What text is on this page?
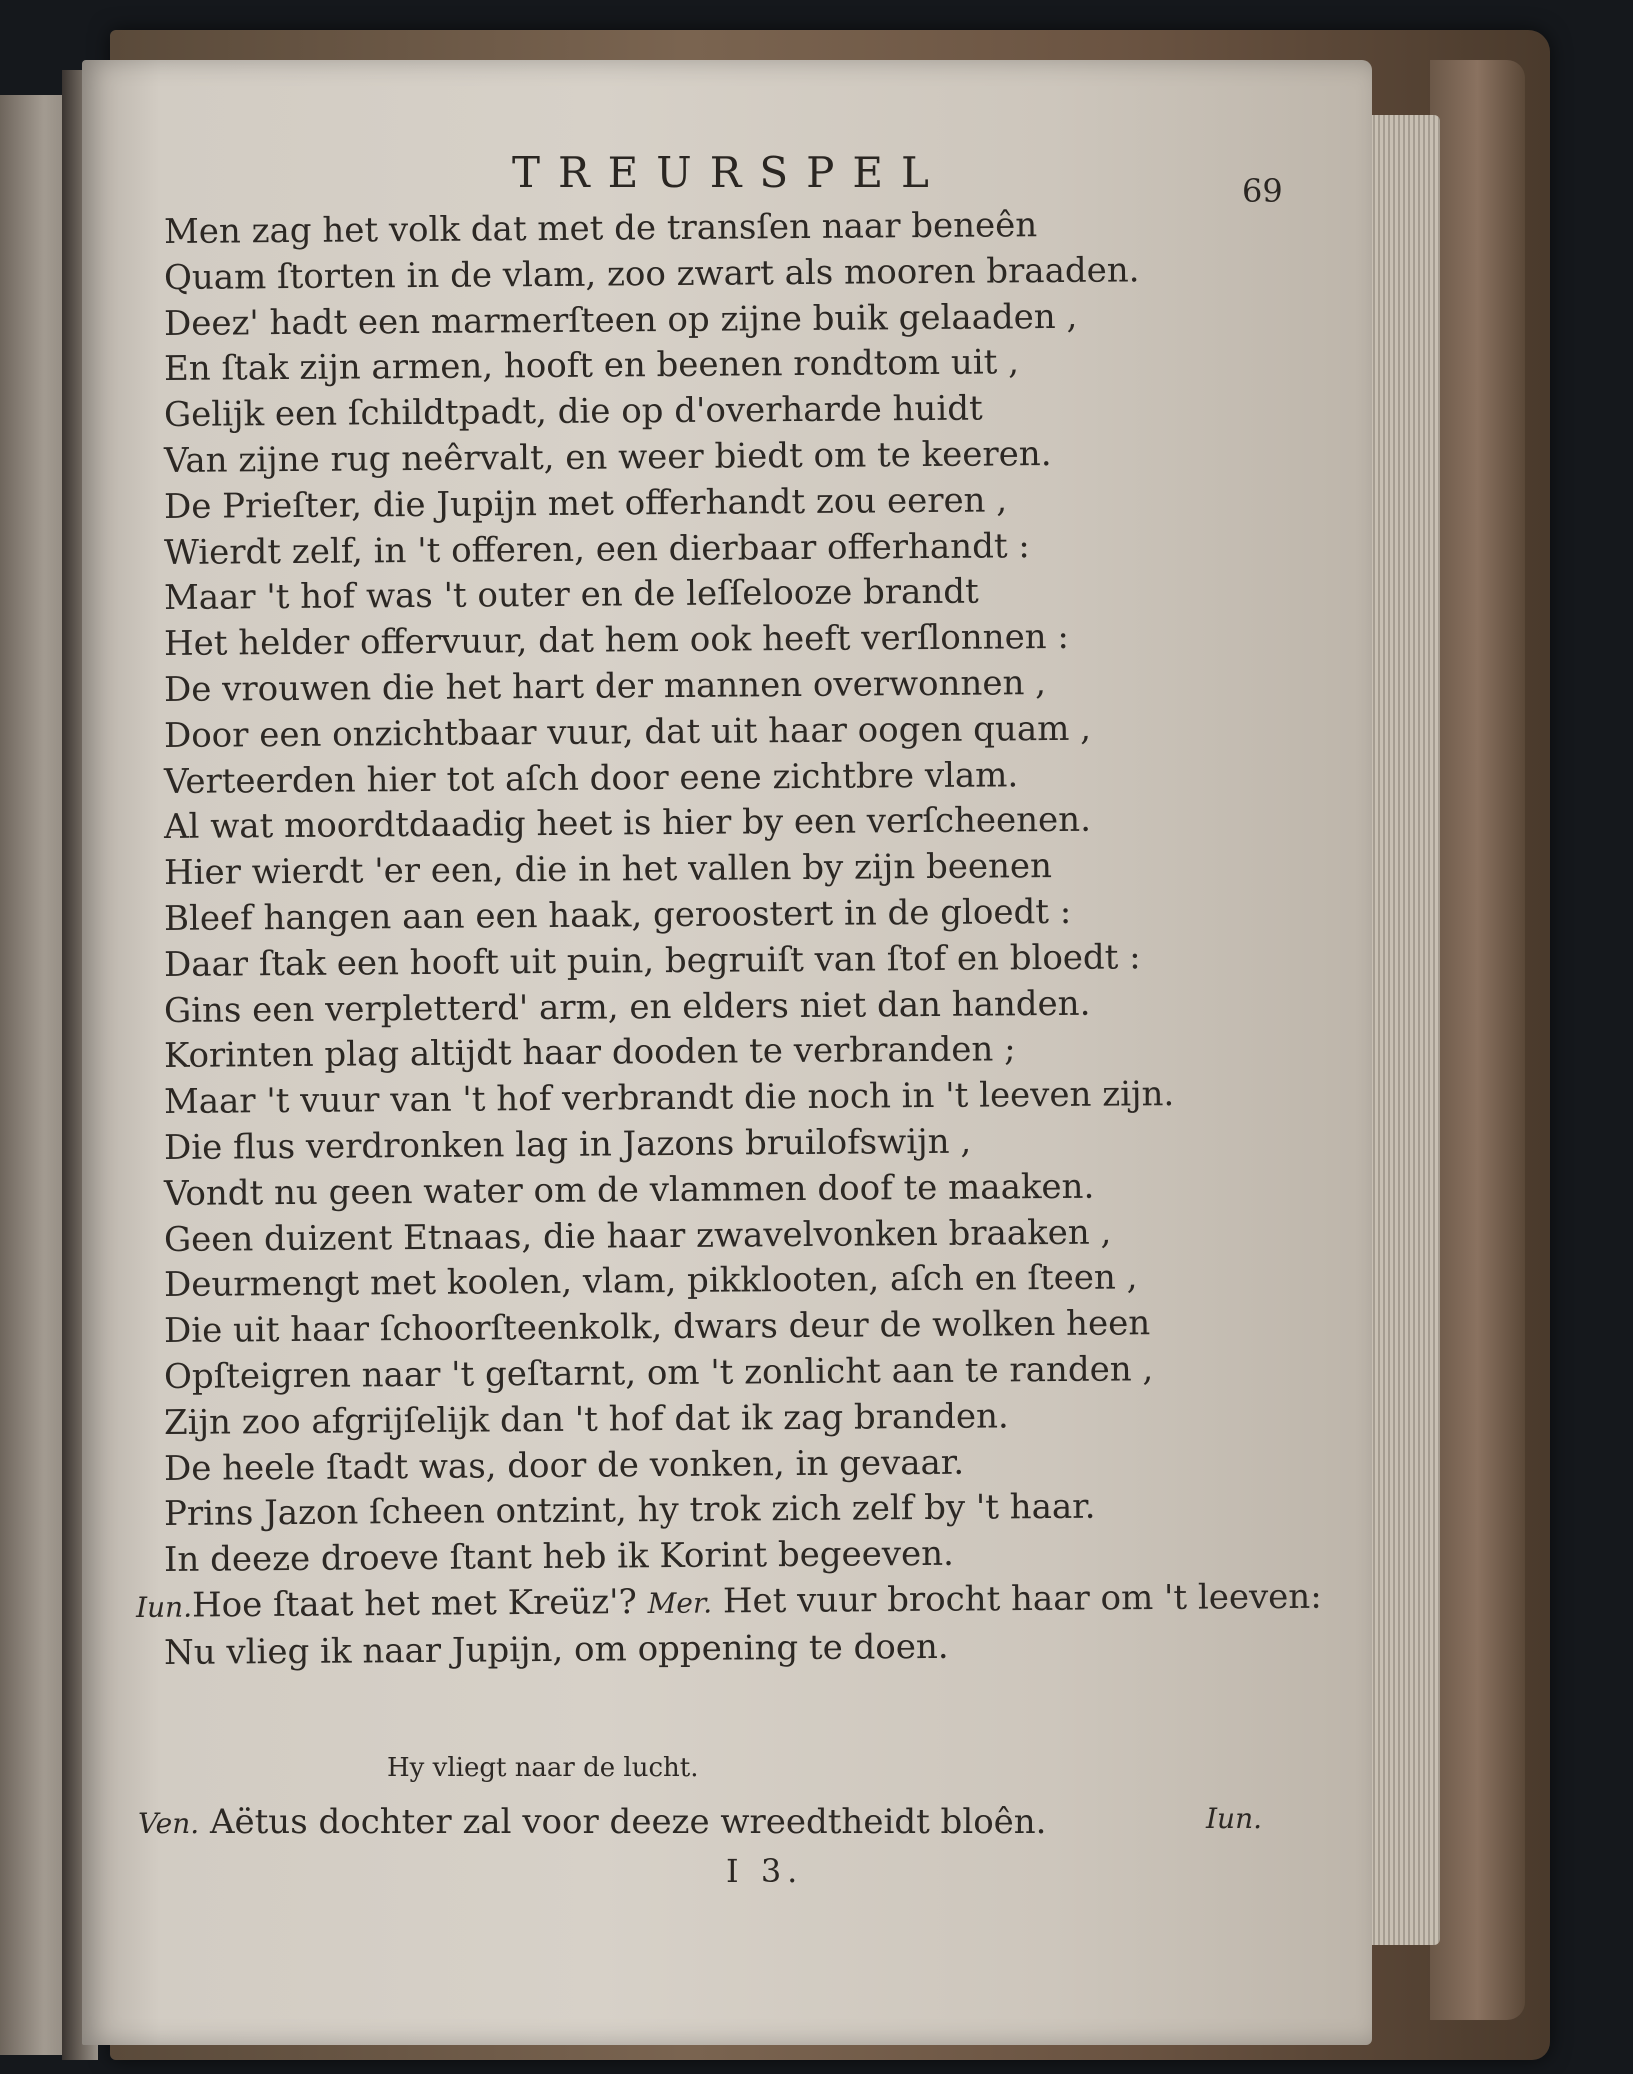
TREURSPEL	69
Men zag het volk dat met de transſen naar beneên
Quam ſtorten in de vlam, zoo zwart als mooren braaden.
Deez' hadt een marmerſteen op zijne buik gelaaden ,
En ſtak zijn armen, hooft en beenen rondtom uit ,
Gelijk een ſchildtpadt, die op d'overharde huidt
Van zijne rug neêrvalt, en weer biedt om te keeren.
De Prieſter, die Jupijn met offerhandt zou eeren ,
Wierdt zelf, in 't offeren, een dierbaar offerhandt :
Maar 't hof was 't outer en de leſſelooze brandt
Het helder offervuur, dat hem ook heeft verſlonnen :
De vrouwen die het hart der mannen overwonnen ,
Door een onzichtbaar vuur, dat uit haar oogen quam ,
Verteerden hier tot aſch door eene zichtbre vlam.
Al wat moordtdaadig heet is hier by een verſcheenen.
Hier wierdt 'er een, die in het vallen by zijn beenen
Bleef hangen aan een haak, geroostert in de gloedt :
Daar ſtak een hooft uit puin, begruiſt van ſtof en bloedt :
Gins een verpletterd' arm, en elders niet dan handen.
Korinten plag altijdt haar dooden te verbranden ;
Maar 't vuur van 't hof verbrandt die noch in 't leeven zijn.
Die flus verdronken lag in Jazons bruilofswijn ,
Vondt nu geen water om de vlammen doof te maaken.
Geen duizent Etnaas, die haar zwavelvonken braaken ,
Deurmengt met koolen, vlam, pikklooten, aſch en ſteen ,
Die uit haar ſchoorſteenkolk, dwars deur de wolken heen
Opſteigren naar 't geſtarnt, om 't zonlicht aan te randen ,
Zijn zoo afgrijſelijk dan 't hof dat ik zag branden.
De heele ſtadt was, door de vonken, in gevaar.
Prins Jazon ſcheen ontzint, hy trok zich zelf by 't haar.
In deeze droeve ſtant heb ik Korint begeeven.
Iun.Hoe ſtaat het met Kreüz'? Mer. Het vuur brocht haar om 't leeven:
Nu vlieg ik naar Jupijn, om oppening te doen.
Hy vliegt naar de lucht.
Ven. Aëtus dochter zal voor deeze wreedtheidt bloên.	Iun.
I 3.
